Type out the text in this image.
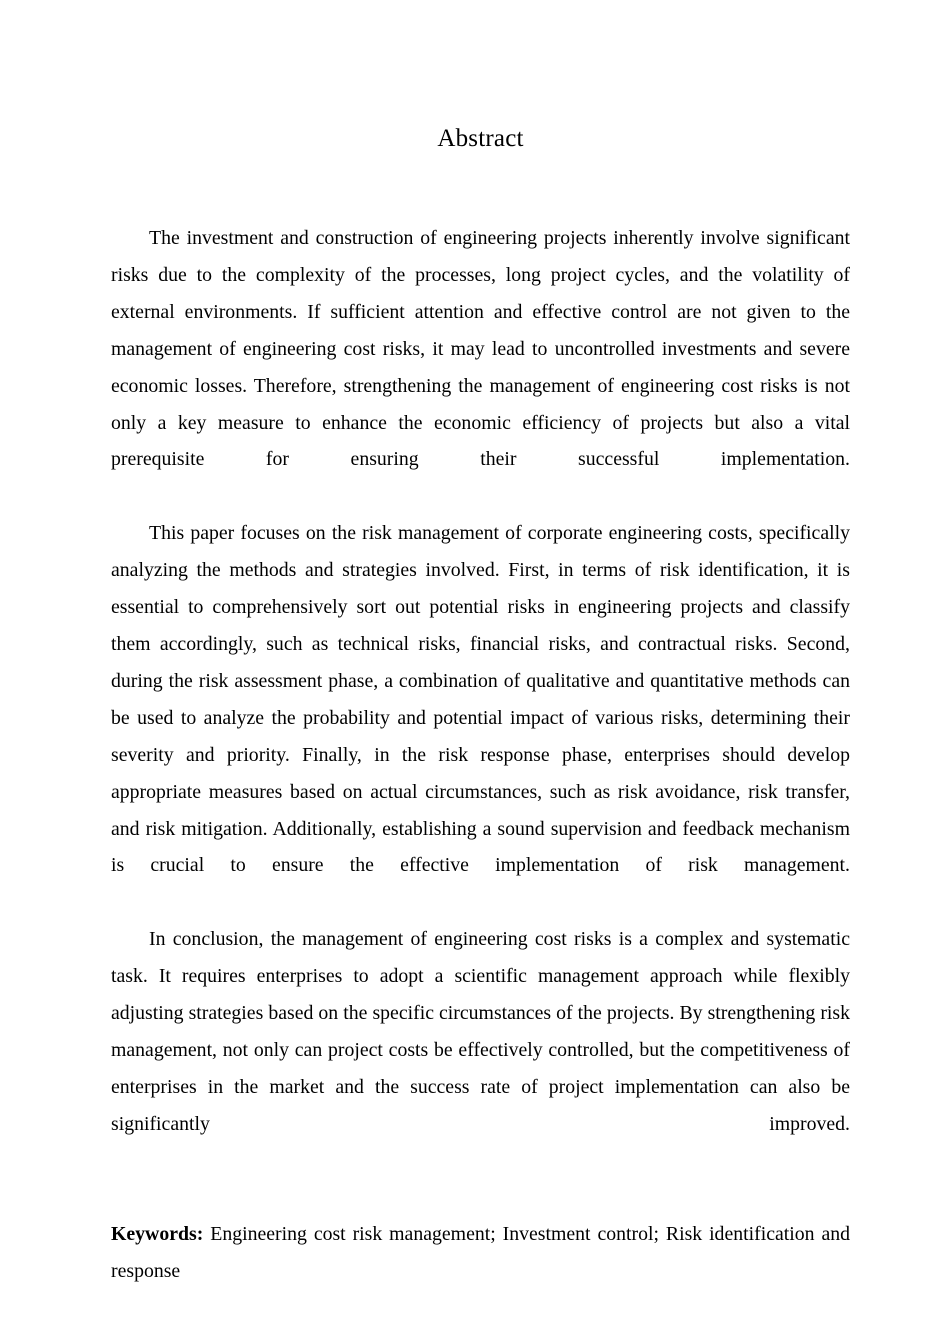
Abstract

The investment and construction of engineering projects inherently involve significant risks due to the complexity of the processes, long project cycles, and the volatility of external environments. If sufficient attention and effective control are not given to the management of engineering cost risks, it may lead to uncontrolled investments and severe economic losses. Therefore, strengthening the management of engineering cost risks is not only a key measure to enhance the economic efficiency of projects but also a vital prerequisite for ensuring their successful implementation.

This paper focuses on the risk management of corporate engineering costs, specifically analyzing the methods and strategies involved. First, in terms of risk identification, it is essential to comprehensively sort out potential risks in engineering projects and classify them accordingly, such as technical risks, financial risks, and contractual risks. Second, during the risk assessment phase, a combination of qualitative and quantitative methods can be used to analyze the probability and potential impact of various risks, determining their severity and priority. Finally, in the risk response phase, enterprises should develop appropriate measures based on actual circumstances, such as risk avoidance, risk transfer, and risk mitigation. Additionally, establishing a sound supervision and feedback mechanism is crucial to ensure the effective implementation of risk management.

In conclusion, the management of engineering cost risks is a complex and systematic task. It requires enterprises to adopt a scientific management approach while flexibly adjusting strategies based on the specific circumstances of the projects. By strengthening risk management, not only can project costs be effectively controlled, but the competitiveness of enterprises in the market and the success rate of project implementation can also be significantly improved.

Keywords: Engineering cost risk management; Investment control; Risk identification and response
